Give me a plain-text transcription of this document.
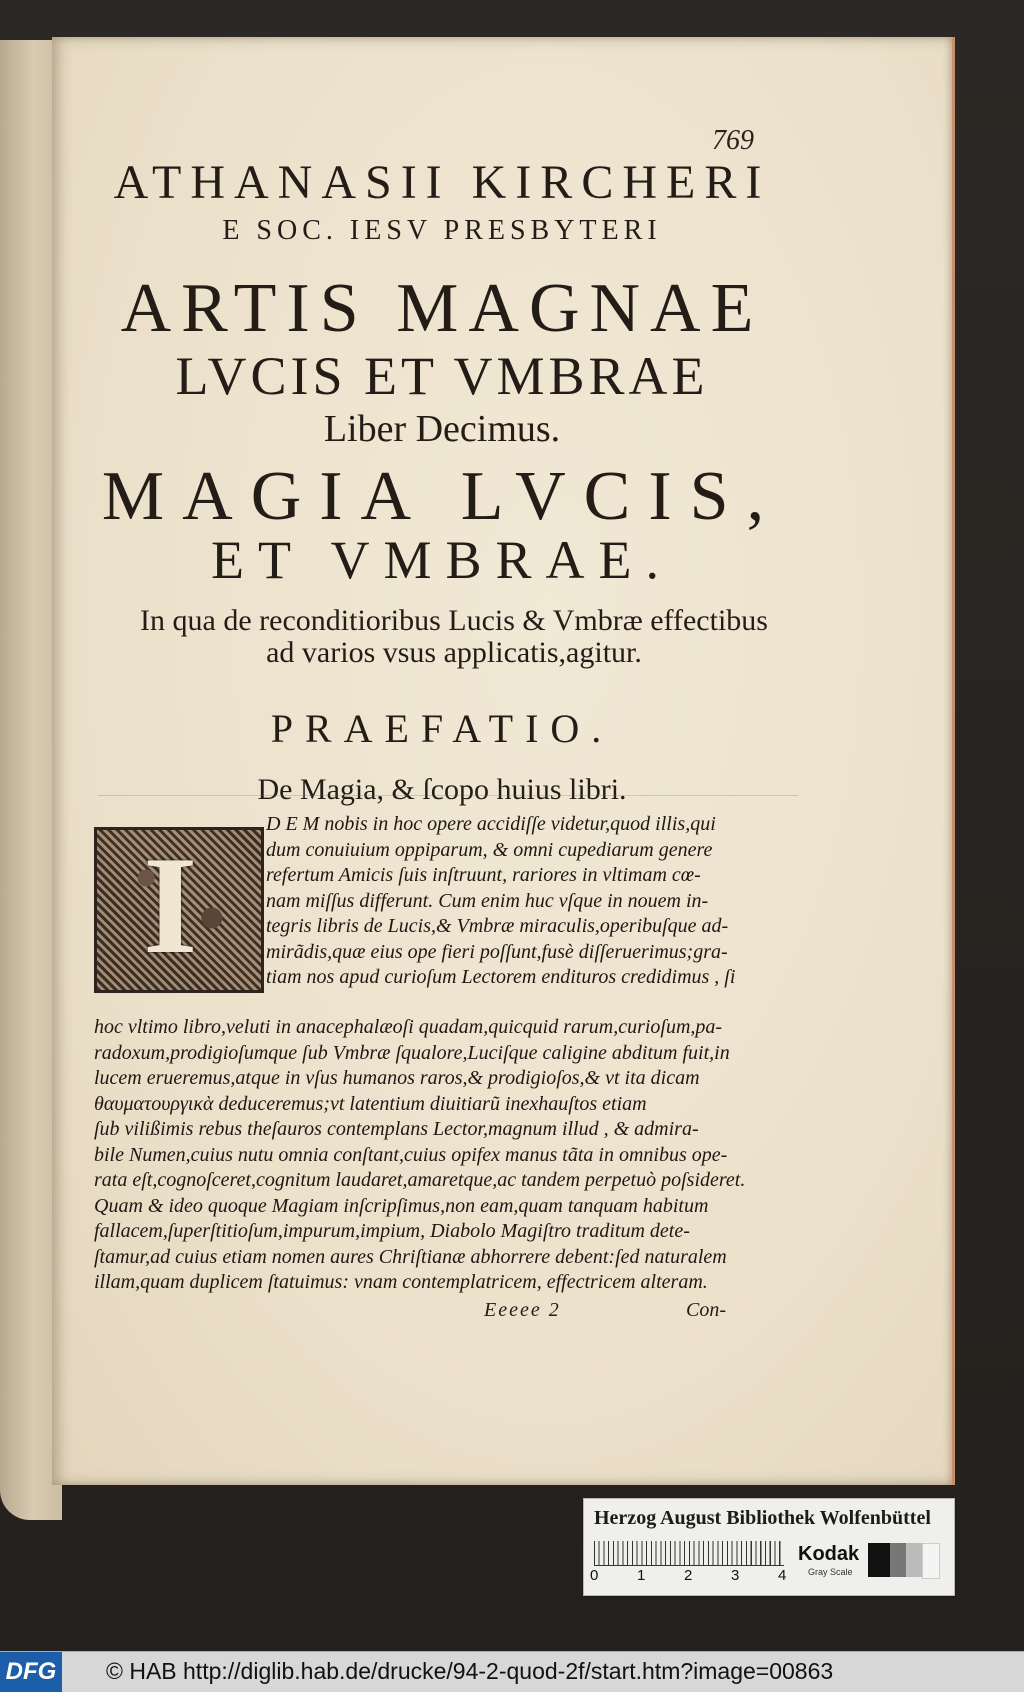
769
ATHANASII KIRCHERI
E SOC. IESV PRESBYTERI
ARTIS MAGNAE
LVCIS ET VMBRAE
Liber Decimus.
MAGIA LVCIS,
ET VMBRAE.
In qua de reconditioribus Lucis & Vmbræ effectibus
ad varios vsus applicatis,agitur.
PRAEFATIO.
De Magia, & ſcopo huius libri.
I
D E M nobis in hoc opere accidiſſe videtur,quod illis,qui
dum conuiuium oppiparum, & omni cupediarum genere
refertum Amicis ſuis inſtruunt, rariores in vltimam cœ-
nam miſſus differunt. Cum enim huc vſque in nouem in-
tegris libris de Lucis,& Vmbræ miraculis,operibuſque ad-
mirãdis,quæ eius ope fieri poſſunt,fusè diſſeruerimus;gra-
tiam nos apud curioſum Lectorem endituros credidimus , ſi
hoc vltimo libro,veluti in anacephalæoſi quadam,quicquid rarum,curioſum,pa-
radoxum,prodigioſumque ſub Vmbræ ſqualore,Luciſque caligine abditum fuit,in
lucem erueremus,atque in vſus humanos raros,& prodigioſos,& vt ita dicam
θαυματουργικὰ deduceremus;vt latentium diuitiarũ inexhauſtos etiam
ſub vilißimis rebus theſauros contemplans Lector,magnum illud , & admira-
bile Numen,cuius nutu omnia conſtant,cuius opifex manus tãta in omnibus ope-
rata eſt,cognoſceret,cognitum laudaret,amaretque,ac tandem perpetuò poſsideret.
Quam & ideo quoque Magiam inſcripſimus,non eam,quam tanquam habitum
fallacem,ſuperſtitioſum,impurum,impium, Diabolo Magiſtro traditum dete-
ſtamur,ad cuius etiam nomen aures Chriſtianæ abhorrere debent:ſed naturalem
illam,quam duplicem ſtatuimus: vnam contemplatricem, effectricem alteram.
Eeeee 2	Con-
Herzog August Bibliothek Wolfenbüttel
0	1	2	3	4
Kodak
Gray Scale
DFG © HAB http://diglib.hab.de/drucke/94-2-quod-2f/start.htm?image=00863
